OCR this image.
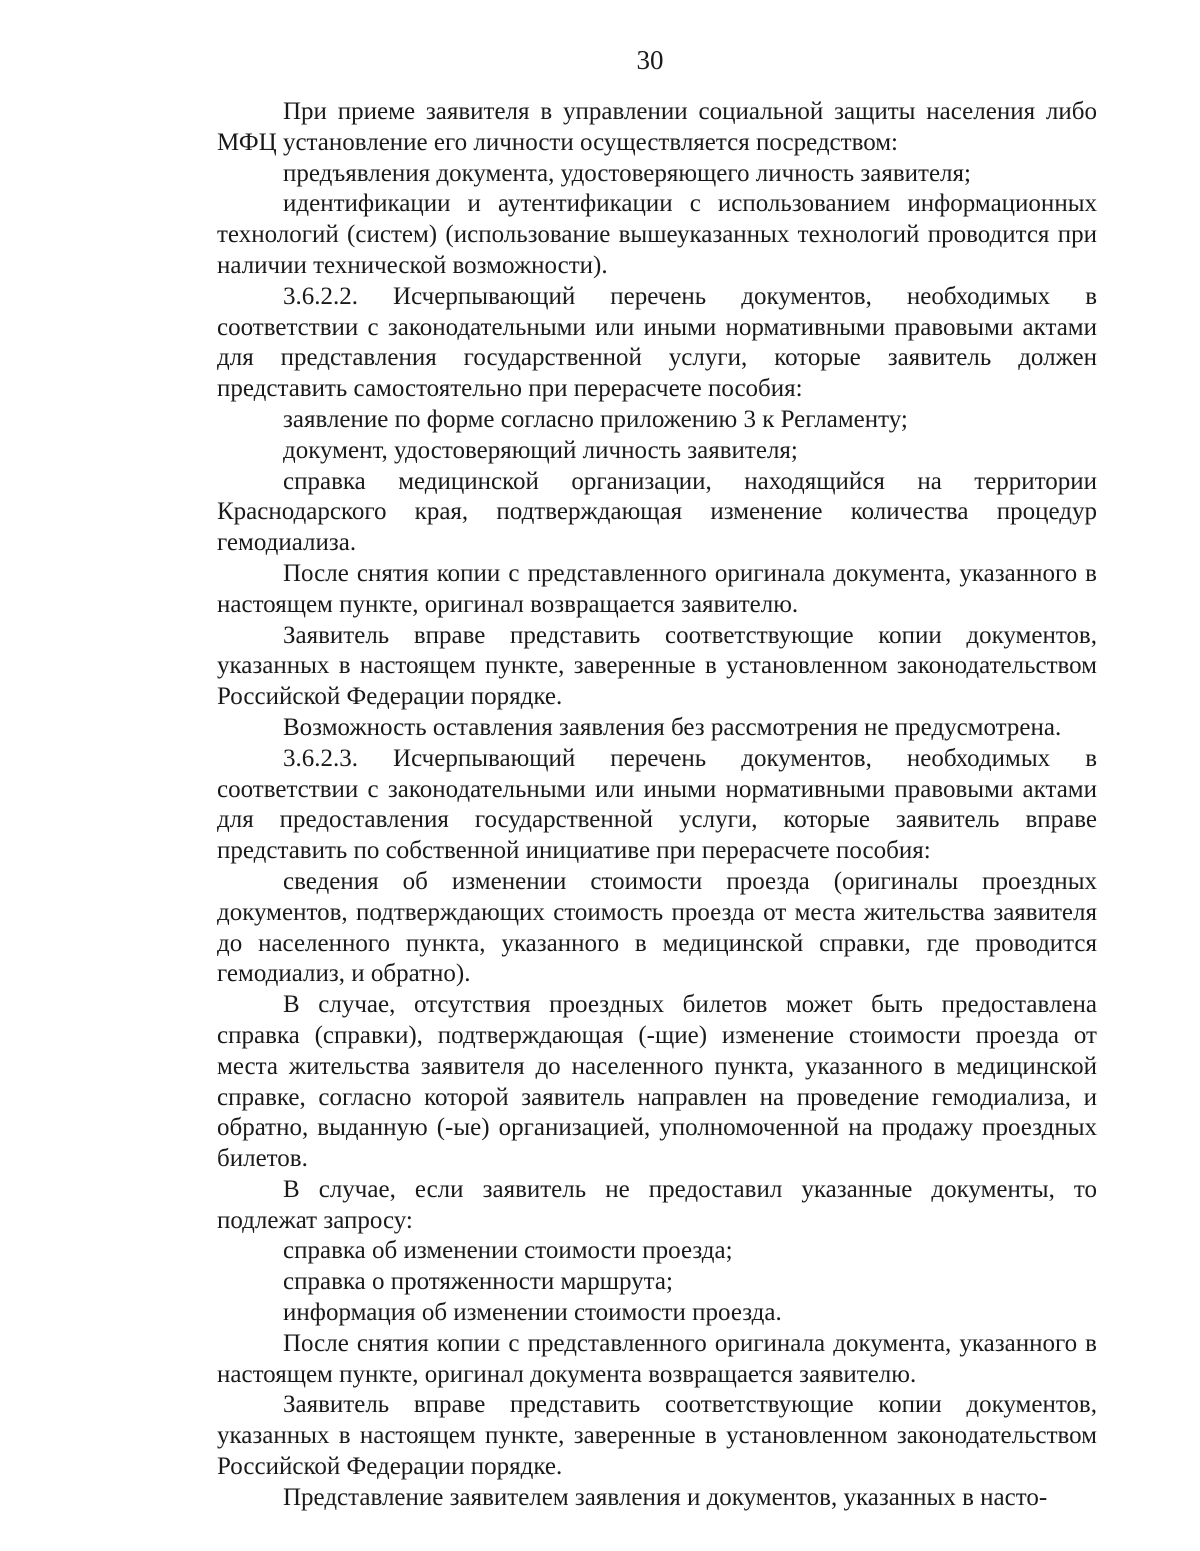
30

При приеме заявителя в управлении социальной защиты населения либо МФЦ установление его личности осуществляется посредством:

предъявления документа, удостоверяющего личность заявителя;

идентификации и аутентификации с использованием информационных технологий (систем) (использование вышеуказанных технологий проводится при наличии технической возможности).

3.6.2.2. Исчерпывающий перечень документов, необходимых в соответствии с законодательными или иными нормативными правовыми актами для представления государственной услуги, которые заявитель должен представить самостоятельно при перерасчете пособия:

заявление по форме согласно приложению 3 к Регламенту;

документ, удостоверяющий личность заявителя;

справка медицинской организации, находящийся на территории Краснодарского края, подтверждающая изменение количества процедур гемодиализа.

После снятия копии с представленного оригинала документа, указанного в настоящем пункте, оригинал возвращается заявителю.

Заявитель вправе представить соответствующие копии документов, указанных в настоящем пункте, заверенные в установленном законодательством Российской Федерации порядке.

Возможность оставления заявления без рассмотрения не предусмотрена.

3.6.2.3. Исчерпывающий перечень документов, необходимых в соответствии с законодательными или иными нормативными правовыми актами для предоставления государственной услуги, которые заявитель вправе представить по собственной инициативе при перерасчете пособия:

сведения об изменении стоимости проезда (оригиналы проездных документов, подтверждающих стоимость проезда от места жительства заявителя до населенного пункта, указанного в медицинской справки, где проводится гемодиализ, и обратно).

В случае, отсутствия проездных билетов может быть предоставлена справка (справки), подтверждающая (-щие) изменение стоимости проезда от места жительства заявителя до населенного пункта, указанного в медицинской справке, согласно которой заявитель направлен на проведение гемодиализа, и обратно, выданную (-ые) организацией, уполномоченной на продажу проездных билетов.

В случае, если заявитель не предоставил указанные документы, то подлежат запросу:

справка об изменении стоимости проезда;

справка о протяженности маршрута;

информация об изменении стоимости проезда.

После снятия копии с представленного оригинала документа, указанного в настоящем пункте, оригинал документа возвращается заявителю.

Заявитель вправе представить соответствующие копии документов, указанных в настоящем пункте, заверенные в установленном законодательством Российской Федерации порядке.

Представление заявителем заявления и документов, указанных в насто-
